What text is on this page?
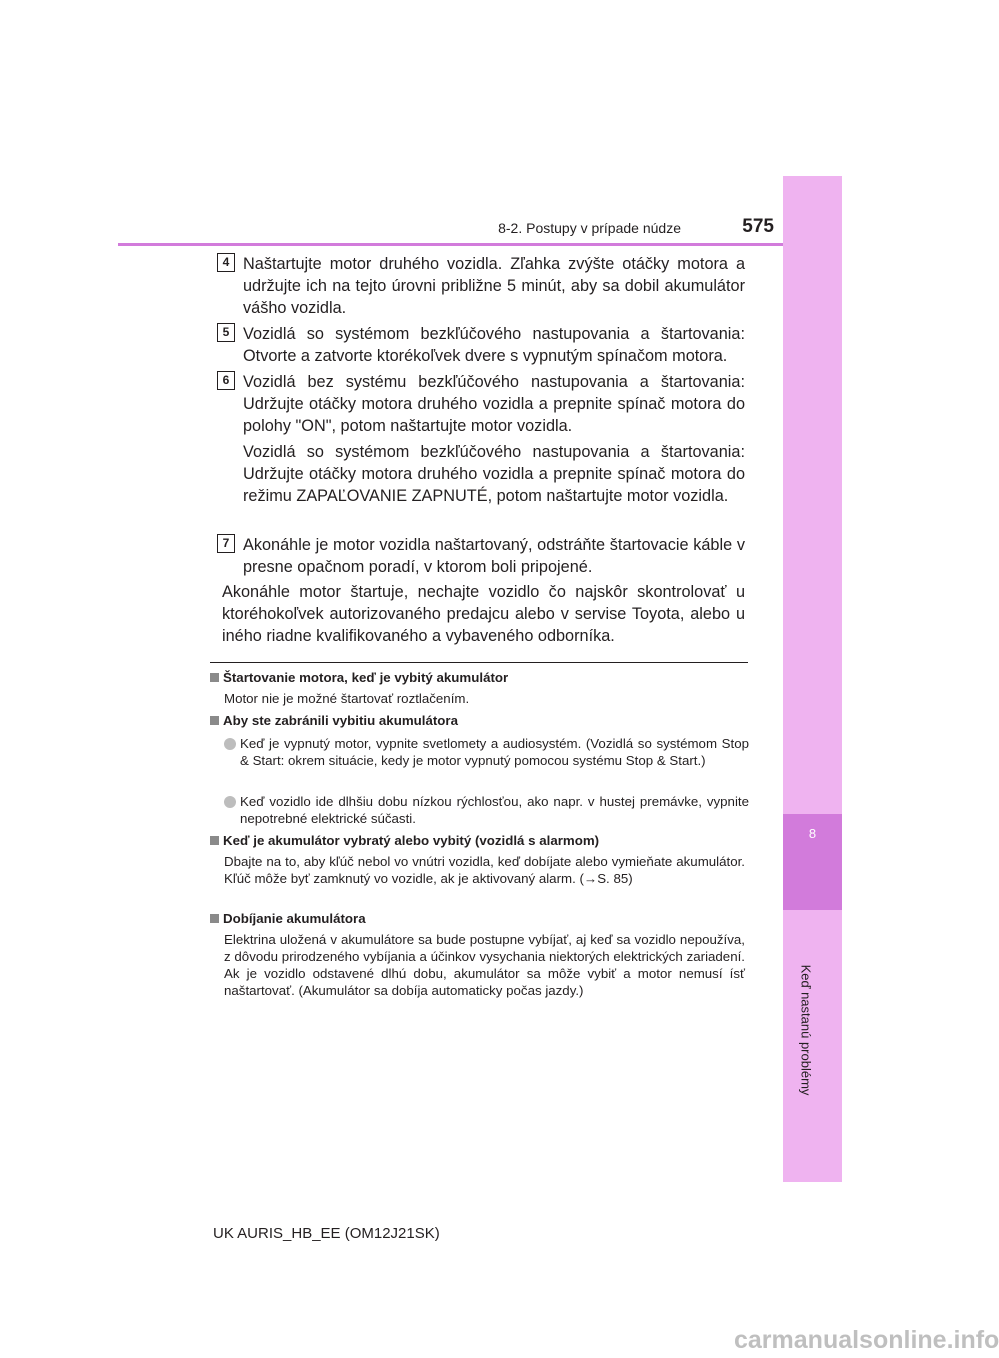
8
Keď nastanú problémy
8-2. Postupy v prípade núdze	575
4 Naštartujte motor druhého vozidla. Zľahka zvýšte otáčky motora a udržujte ich na tejto úrovni približne 5 minút, aby sa dobil akumulátor vášho vozidla.
5 Vozidlá so systémom bezkľúčového nastupovania a štartovania: Otvorte a zatvorte ktorékoľvek dvere s vypnutým spínačom motora.
6 Vozidlá bez systému bezkľúčového nastupovania a štartovania: Udržujte otáčky motora druhého vozidla a prepnite spínač motora do polohy "ON", potom naštartujte motor vozidla.
Vozidlá so systémom bezkľúčového nastupovania a štartovania: Udržujte otáčky motora druhého vozidla a prepnite spínač motora do režimu ZAPAĽOVANIE ZAPNUTÉ, potom naštartujte motor vozidla.
7 Akonáhle je motor vozidla naštartovaný, odstráňte štartovacie káble v presne opačnom poradí, v ktorom boli pripojené.
Akonáhle motor štartuje, nechajte vozidlo čo najskôr skontrolovať u ktoréhokoľvek autorizovaného predajcu alebo v servise Toyota, alebo u iného riadne kvalifikovaného a vybaveného odborníka.
Štartovanie motora, keď je vybitý akumulátor
Motor nie je možné štartovať roztlačením.
Aby ste zabránili vybitiu akumulátora
Keď je vypnutý motor, vypnite svetlomety a audiosystém. (Vozidlá so systémom Stop & Start: okrem situácie, kedy je motor vypnutý pomocou systému Stop & Start.)
Keď vozidlo ide dlhšiu dobu nízkou rýchlosťou, ako napr. v hustej premávke, vypnite nepotrebné elektrické súčasti.
Keď je akumulátor vybratý alebo vybitý (vozidlá s alarmom)
Dbajte na to, aby kľúč nebol vo vnútri vozidla, keď dobíjate alebo vymieňate akumulátor. Kľúč môže byť zamknutý vo vozidle, ak je aktivovaný alarm. (→S. 85)
Dobíjanie akumulátora
Elektrina uložená v akumulátore sa bude postupne vybíjať, aj keď sa vozidlo nepoužíva, z dôvodu prirodzeného vybíjania a účinkov vysychania niektorých elektrických zariadení. Ak je vozidlo odstavené dlhú dobu, akumulátor sa môže vybiť a motor nemusí ísť naštartovať. (Akumulátor sa dobíja automaticky počas jazdy.)
UK AURIS_HB_EE (OM12J21SK)
carmanualsonline.info
